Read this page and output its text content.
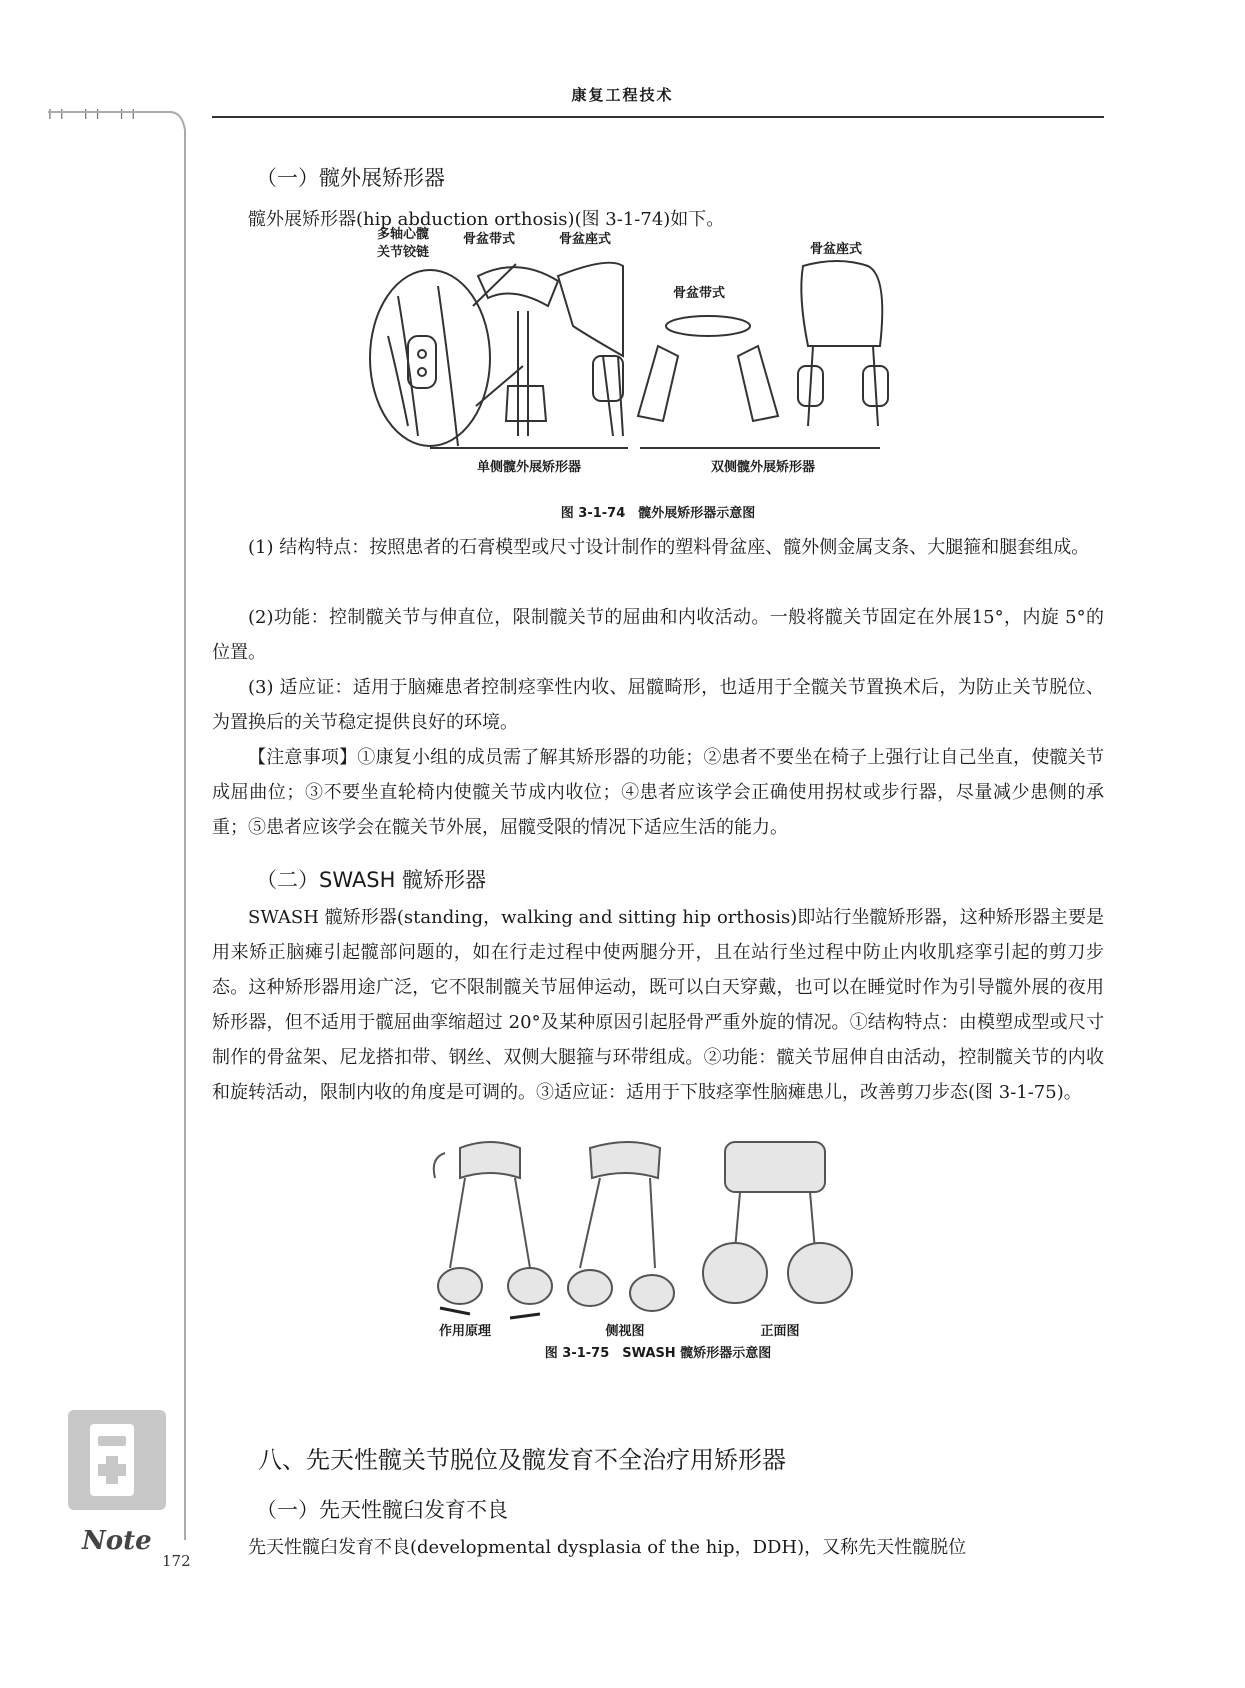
II II II
康复工程技术
（一）髋外展矫形器
髋外展矫形器(hip abduction orthosis)(图 3-1-74)如下。
多轴心髋
关节铰链
骨盆带式	骨盆座式
骨盆带式
骨盆座式
单侧髋外展矫形器	双侧髋外展矫形器
图 3-1-74　髋外展矫形器示意图
(1) 结构特点：按照患者的石膏模型或尺寸设计制作的塑料骨盆座、髋外侧金属支条、大腿箍和腿套组成。
(2)功能：控制髋关节与伸直位，限制髋关节的屈曲和内收活动。一般将髋关节固定在外展15°，内旋 5°的位置。
(3) 适应证：适用于脑瘫患者控制痉挛性内收、屈髋畸形，也适用于全髋关节置换术后，为防止关节脱位、为置换后的关节稳定提供良好的环境。
【注意事项】①康复小组的成员需了解其矫形器的功能；②患者不要坐在椅子上强行让自己坐直，使髋关节成屈曲位；③不要坐直轮椅内使髋关节成内收位；④患者应该学会正确使用拐杖或步行器，尽量减少患侧的承重；⑤患者应该学会在髋关节外展，屈髋受限的情况下适应生活的能力。
（二）SWASH 髋矫形器
SWASH 髋矫形器(standing，walking and sitting hip orthosis)即站行坐髋矫形器，这种矫形器主要是用来矫正脑瘫引起髋部问题的，如在行走过程中使两腿分开，且在站行坐过程中防止内收肌痉挛引起的剪刀步态。这种矫形器用途广泛，它不限制髋关节屈伸运动，既可以白天穿戴，也可以在睡觉时作为引导髋外展的夜用矫形器，但不适用于髋屈曲挛缩超过 20°及某种原因引起胫骨严重外旋的情况。①结构特点：由模塑成型或尺寸制作的骨盆架、尼龙搭扣带、钢丝、双侧大腿箍与环带组成。②功能：髋关节屈伸自由活动，控制髋关节的内收和旋转活动，限制内收的角度是可调的。③适应证：适用于下肢痉挛性脑瘫患儿，改善剪刀步态(图 3-1-75)。
作用原理	侧视图	正面图
图 3-1-75　SWASH 髋矫形器示意图
八、先天性髋关节脱位及髋发育不全治疗用矫形器
（一）先天性髋臼发育不良
先天性髋臼发育不良(developmental dysplasia of the hip，DDH)，又称先天性髋脱位
Note
172
